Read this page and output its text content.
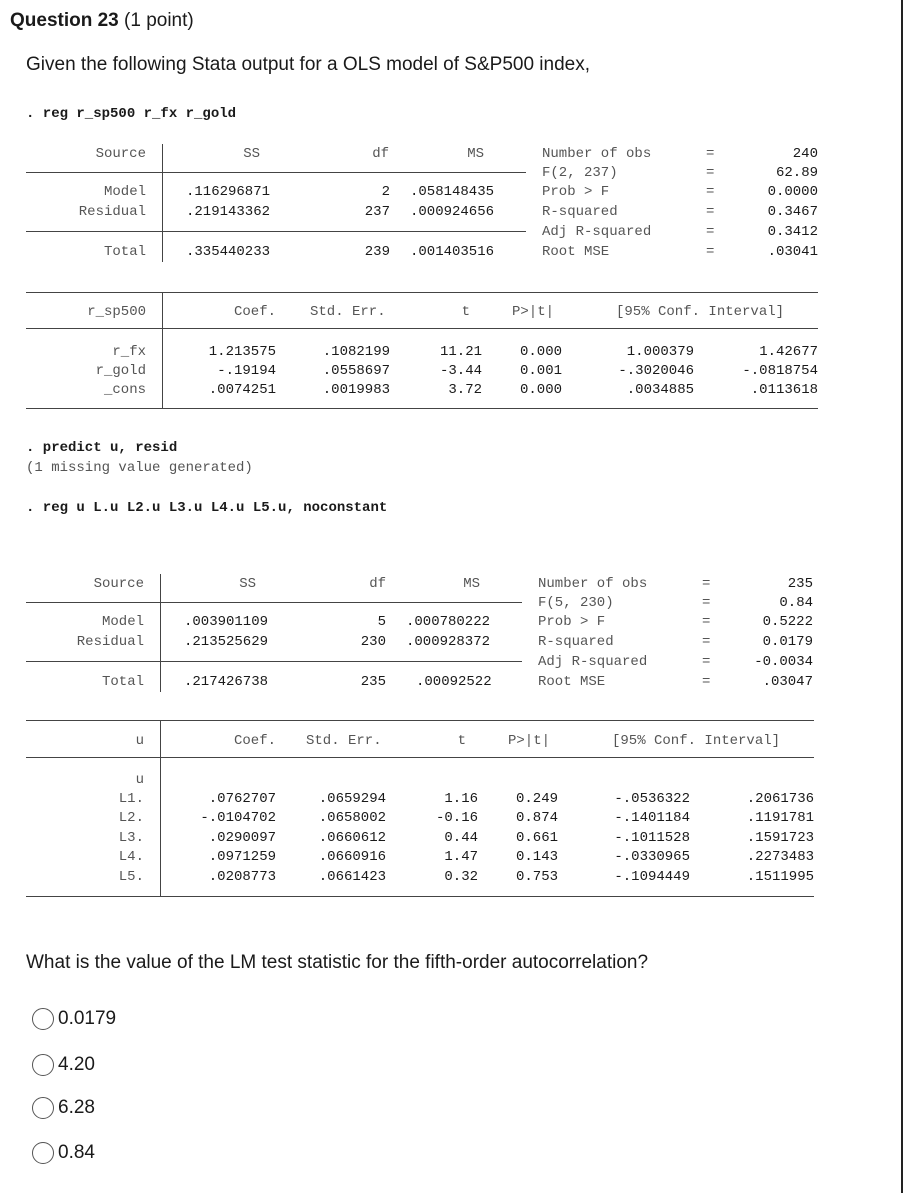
Question 23 (1 point)
Given the following Stata output for a OLS model of S&P500 index,
. reg r_sp500 r_fx r_gold
Source	SS	df	MS
Model	.116296871	2 .058148435
Residual	.219143362	237 .000924656
Total	.335440233	239 .001403516
Number of obs	=	240
F(2, 237)	=	62.89
Prob > F	=	0.0000
R-squared	=	0.3467
Adj R-squared	=	0.3412
Root MSE	=	.03041
r_sp500	Coef. Std. Err.	t	P>|t|	[95% Conf. Interval]
r_fx	1.213575	.1082199	11.21	0.000	1.000379	1.42677
r_gold	-.19194	.0558697	-3.44	0.001	-.3020046	-.0818754
_cons	.0074251	.0019983	3.72	0.000	.0034885	.0113618
. predict u, resid
(1 missing value generated)
. reg u L.u L2.u L3.u L4.u L5.u, noconstant
Source	SS	df	MS
Model	.003901109	5 .000780222
Residual	.213525629	230 .000928372
Total	.217426738	235 .00092522
Number of obs	=	235
F(5, 230)	=	0.84
Prob > F	=	0.5222
R-squared	=	0.0179
Adj R-squared	=	-0.0034
Root MSE	=	.03047
u	Coef. Std. Err.	t	P>|t|	[95% Conf. Interval]
u
L1.	.0762707	.0659294	1.16	0.249	-.0536322	.2061736
L2.	-.0104702	.0658002	-0.16	0.874	-.1401184	.1191781
L3.	.0290097	.0660612	0.44	0.661	-.1011528	.1591723
L4.	.0971259	.0660916	1.47	0.143	-.0330965	.2273483
L5.	.0208773	.0661423	0.32	0.753	-.1094449	.1511995
What is the value of the LM test statistic for the fifth-order autocorrelation?
0.0179
4.20
6.28
0.84
